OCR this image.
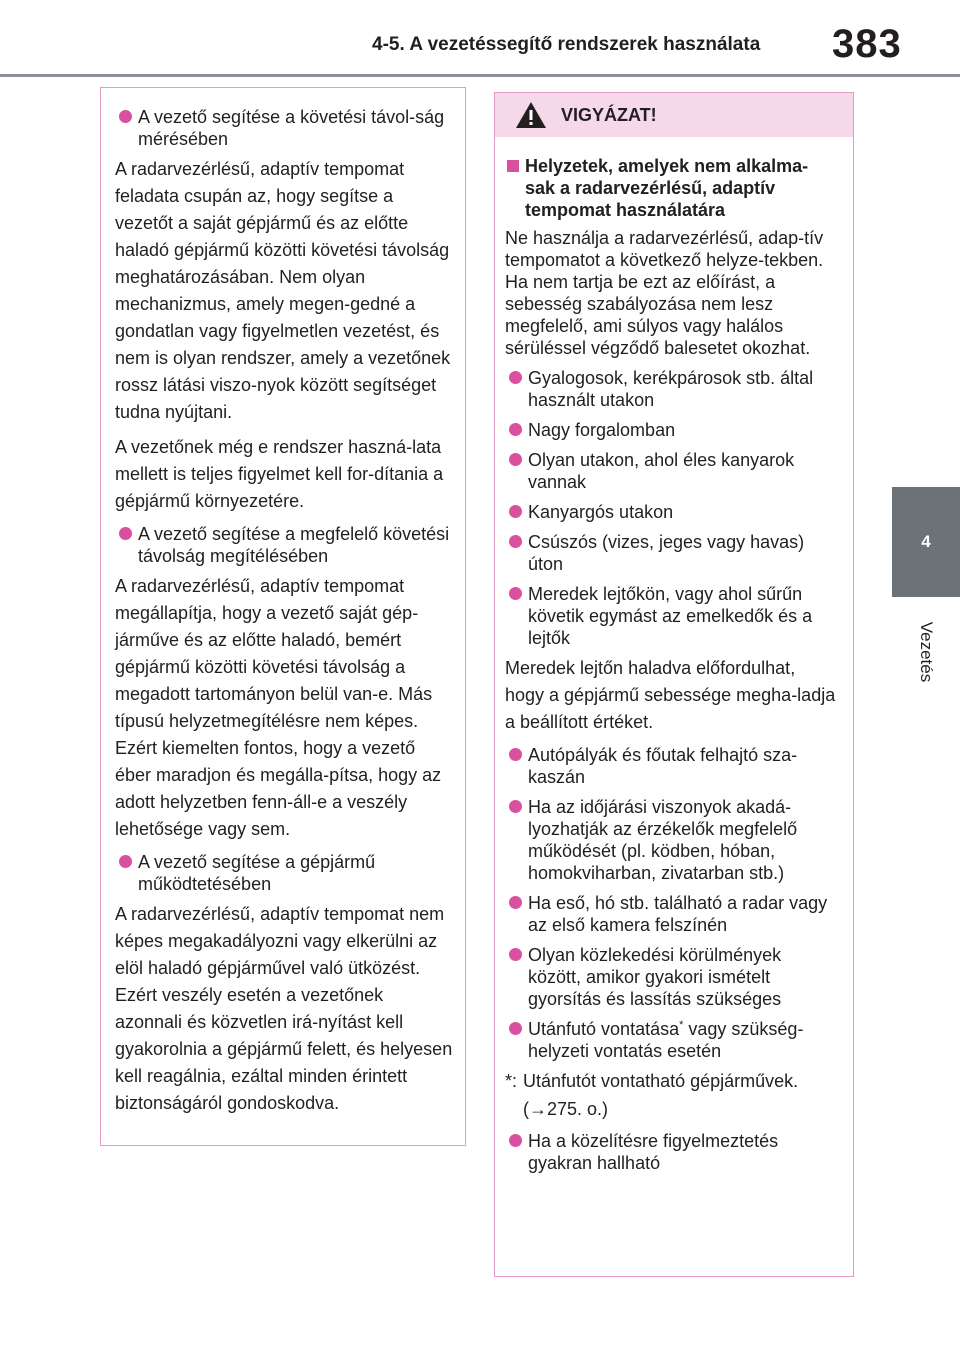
4-5. A vezetéssegítő rendszerek használata 383
4
Vezetés
A vezető segítése a követési távol-ság mérésében

A radarvezérlésű, adaptív tempomat feladata csupán az, hogy segítse a vezetőt a saját gépjármű és az előtte haladó gépjármű közötti követési távolság meghatározásában. Nem olyan mechanizmus, amely megen-gedné a gondatlan vagy figyelmetlen vezetést, és nem is olyan rendszer, amely a vezetőnek rossz látási viszo-nyok között segítséget tudna nyújtani.

A vezetőnek még e rendszer haszná-lata mellett is teljes figyelmet kell for-dítania a gépjármű környezetére.

A vezető segítése a megfelelő követési távolság megítélésében

A radarvezérlésű, adaptív tempomat megállapítja, hogy a vezető saját gép-járműve és az előtte haladó, bemért gépjármű közötti követési távolság a megadott tartományon belül van-e. Más típusú helyzetmegítélésre nem képes. Ezért kiemelten fontos, hogy a vezető éber maradjon és megálla-pítsa, hogy az adott helyzetben fenn-áll-e a veszély lehetősége vagy sem.

A vezető segítése a gépjármű működtetésében

A radarvezérlésű, adaptív tempomat nem képes megakadályozni vagy elkerülni az elöl haladó gépjárművel való ütközést. Ezért veszély esetén a vezetőnek azonnali és közvetlen irá-nyítást kell gyakorolnia a gépjármű felett, és helyesen kell reagálnia, ezáltal minden érintett biztonságáról gondoskodva.

VIGYÁZAT!
Helyzetek, amelyek nem alkalma-sak a radarvezérlésű, adaptív tempomat használatára

Ne használja a radarvezérlésű, adap-tív tempomatot a következő helyze-tekben. Ha nem tartja be ezt az előírást, a sebesség szabályozása nem lesz megfelelő, ami súlyos vagy halálos sérüléssel végződő balesetet okozhat.

Gyalogosok, kerékpárosok stb. által használt utakon
Nagy forgalomban
Olyan utakon, ahol éles kanyarok vannak
Kanyargós utakon
Csúszós (vizes, jeges vagy havas) úton
Meredek lejtőkön, vagy ahol sűrűn követik egymást az emelkedők és a lejtők

Meredek lejtőn haladva előfordulhat, hogy a gépjármű sebessége megha-ladja a beállított értéket.

Autópályák és főutak felhajtó sza-kaszán
Ha az időjárási viszonyok akadá-lyozhatják az érzékelők megfelelő működését (pl. ködben, hóban, homokviharban, zivatarban stb.)
Ha eső, hó stb. található a radar vagy az első kamera felszínén
Olyan közlekedési körülmények között, amikor gyakori ismételt gyorsítás és lassítás szükséges
Utánfutó vontatása* vagy szükség-helyzeti vontatás esetén
*: Utánfutót vontatható gépjárművek.
(→275. o.)
Ha a közelítésre figyelmeztetés gyakran hallható
